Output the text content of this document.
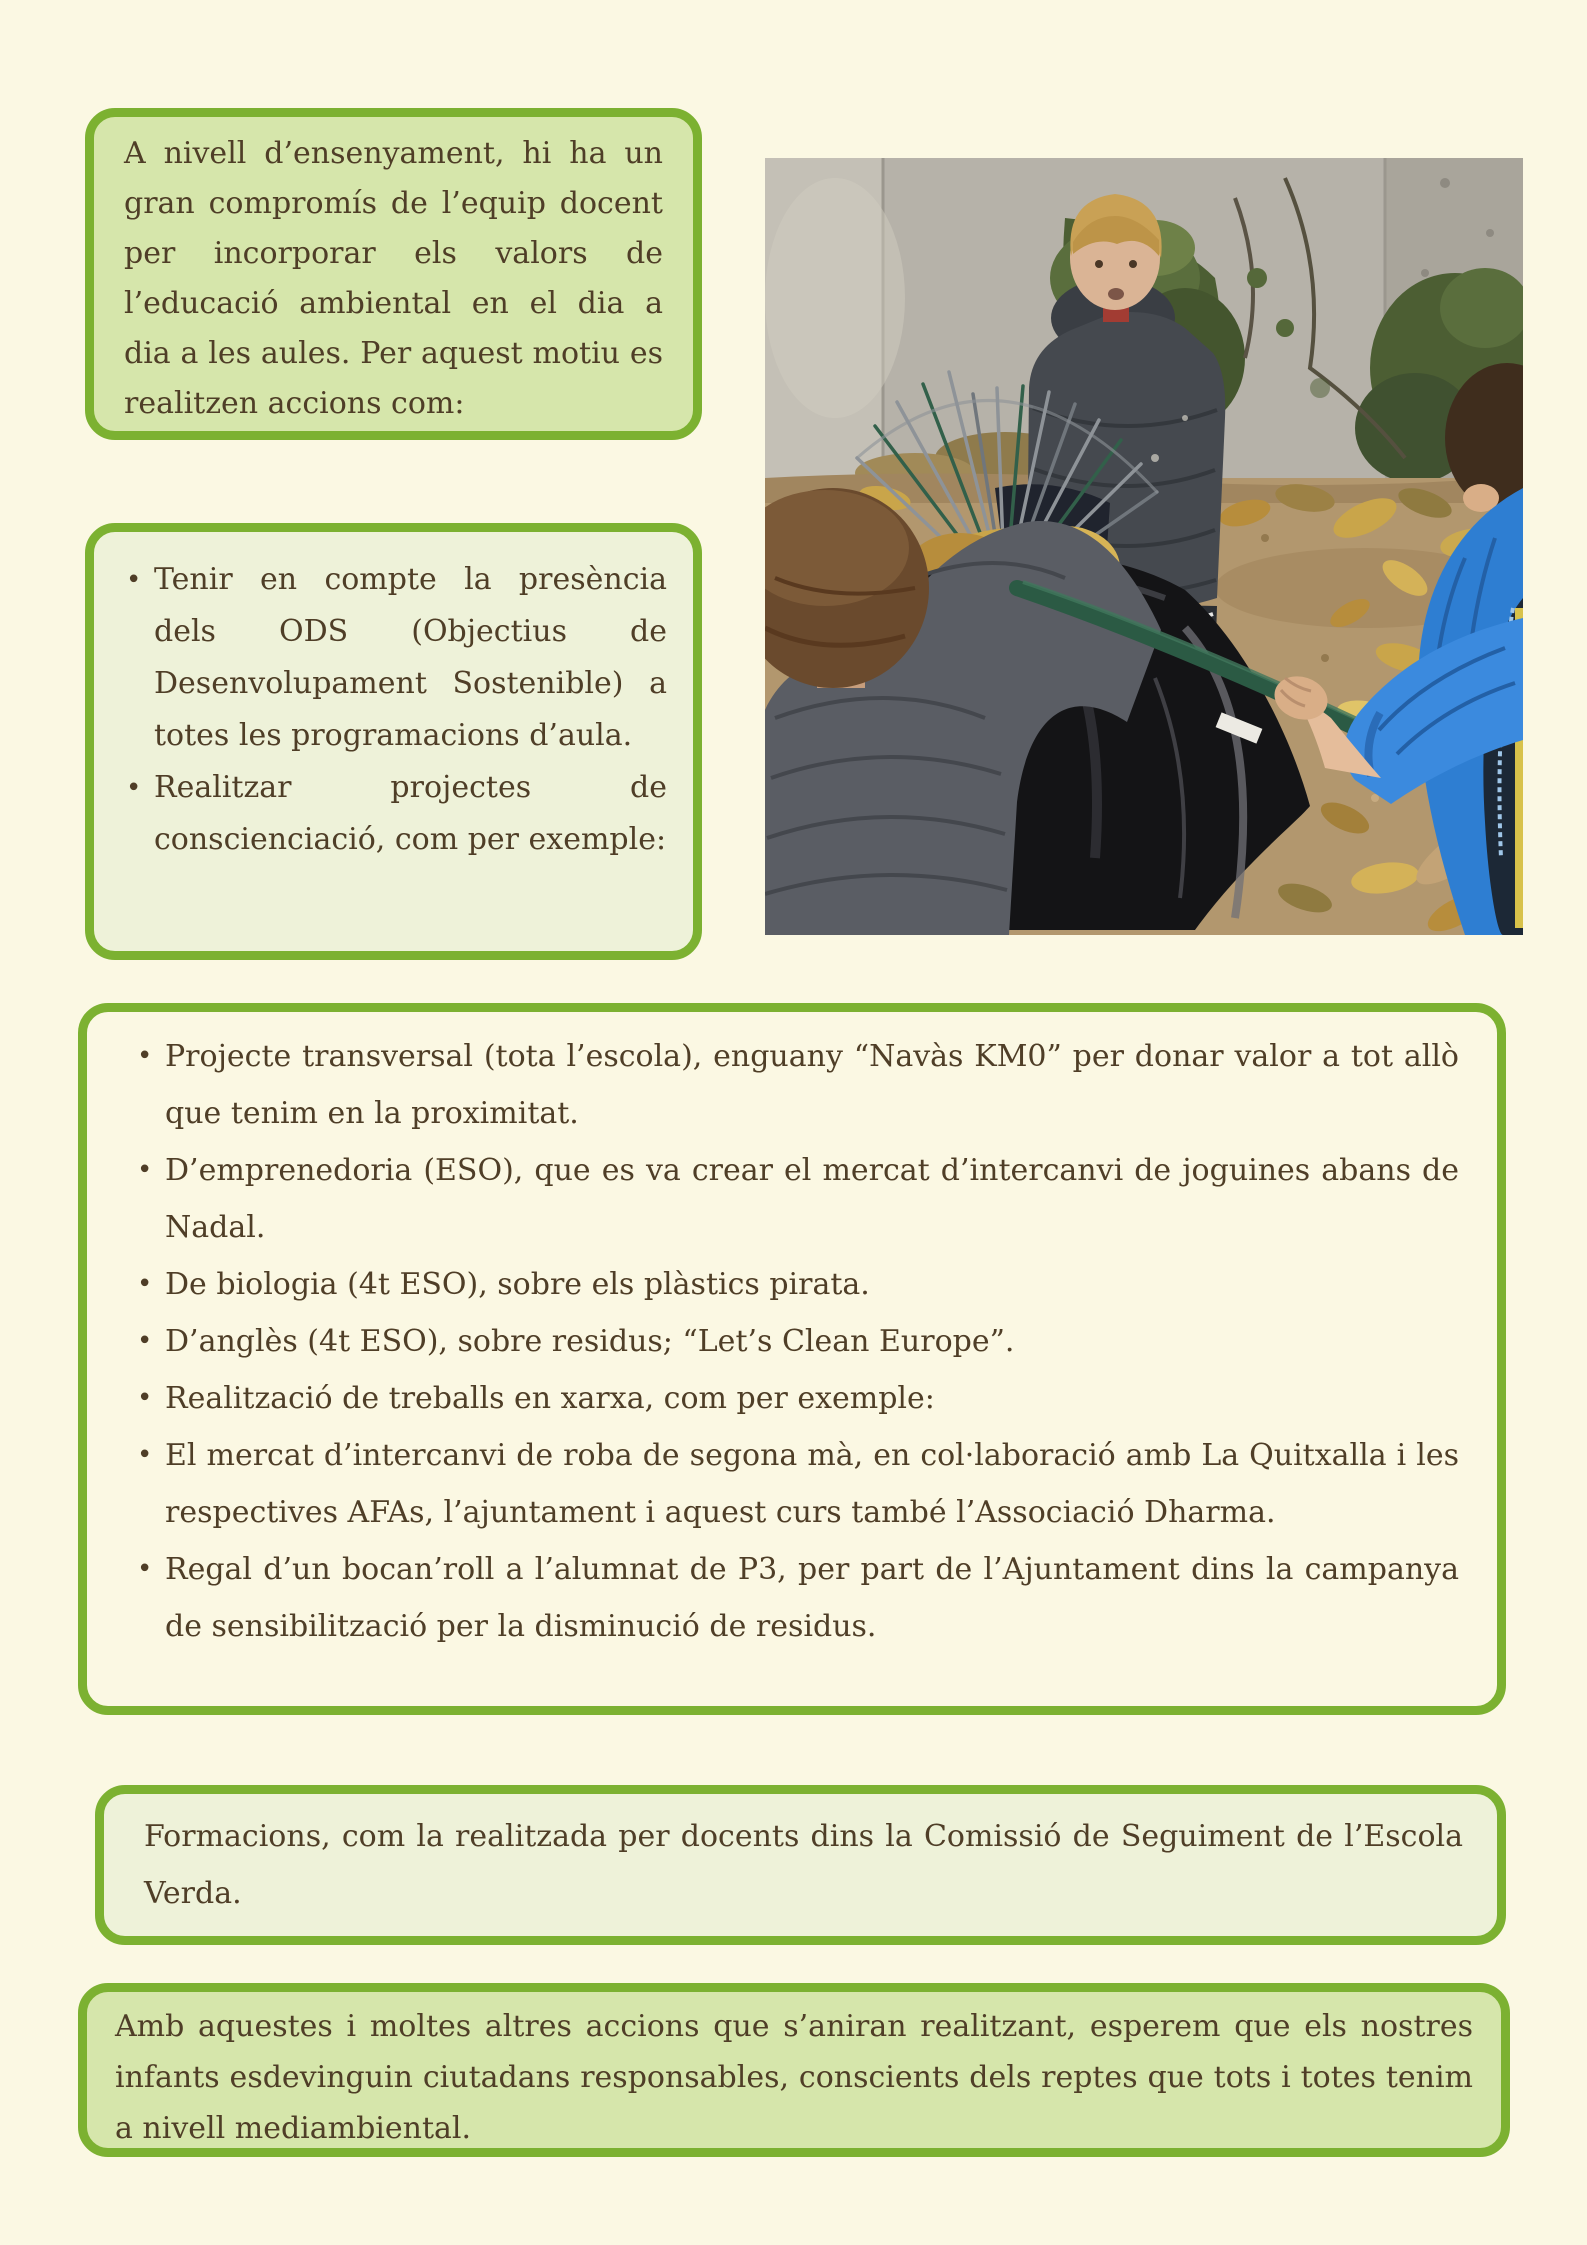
A nivell d’ensenyament, hi ha un gran compromís de l’equip docent per incorporar els valors de l’educació ambiental en el dia a dia a les aules. Per aquest motiu es realitzen accions com:

• Tenir en compte la presència dels ODS (Objectius de Desenvolupament Sostenible) a totes les programacions d’aula.
• Realitzar projectes de conscienciació, com per exemple:
• Projecte transversal (tota l’escola), enguany “Navàs KM0” per donar valor a tot allò que tenim en la proximitat.
• D’emprenedoria (ESO), que es va crear el mercat d’intercanvi de joguines abans de Nadal.
• De biologia (4t ESO), sobre els plàstics pirata.
• D’anglès (4t ESO), sobre residus; “Let’s Clean Europe”.
• Realització de treballs en xarxa, com per exemple:
• El mercat d’intercanvi de roba de segona mà, en col·laboració amb La Quitxalla i les respectives AFAs, l’ajuntament i aquest curs també l’Associació Dharma.
• Regal d’un bocan’roll a l’alumnat de P3, per part de l’Ajuntament dins la campanya de sensibilització per la disminució de residus.

Formacions, com la realitzada per docents dins la Comissió de Seguiment de l’Escola Verda.

Amb aquestes i moltes altres accions que s’aniran realitzant, esperem que els nostres infants esdevinguin ciutadans responsables, conscients dels reptes que tots i totes tenim a nivell mediambiental.
